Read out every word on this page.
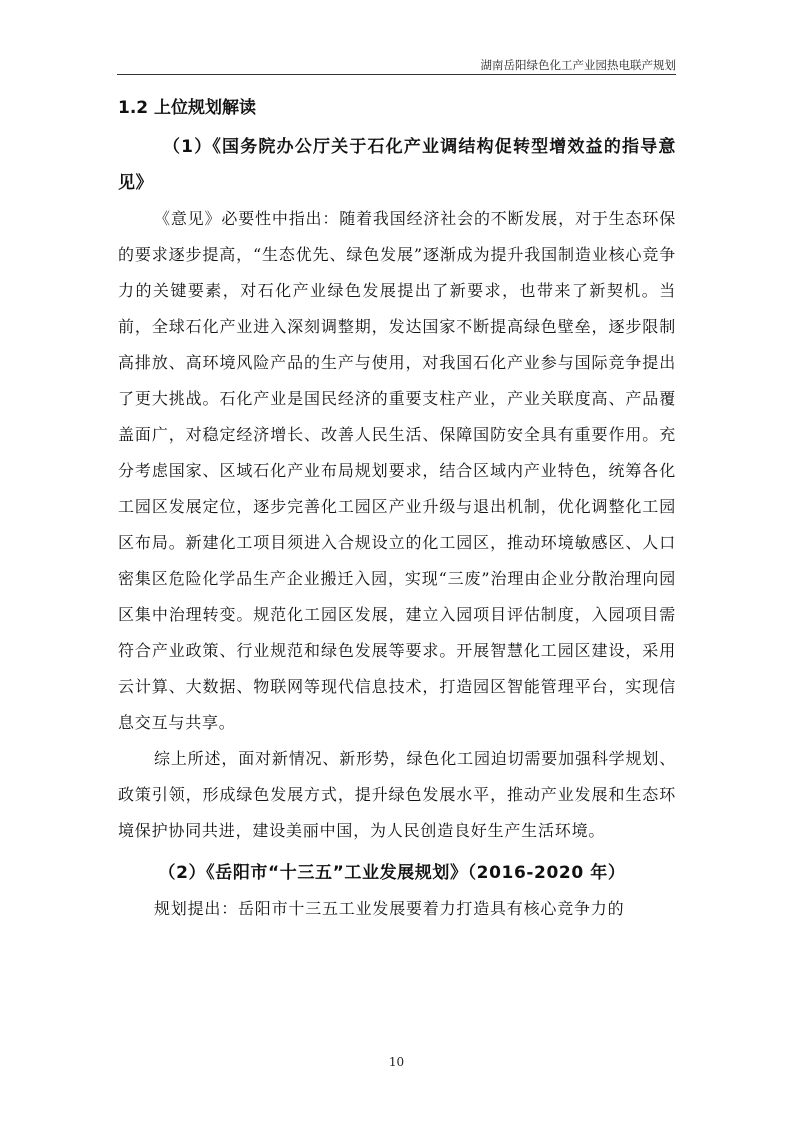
湖南岳阳绿色化工产业园热电联产规划
1.2 上位规划解读
（1）《国务院办公厅关于石化产业调结构促转型增效益的指导意见》

《意见》必要性中指出：随着我国经济社会的不断发展，对于生态环保的要求逐步提高，“生态优先、绿色发展”逐渐成为提升我国制造业核心竞争力的关键要素，对石化产业绿色发展提出了新要求，也带来了新契机。当前，全球石化产业进入深刻调整期，发达国家不断提高绿色壁垒，逐步限制高排放、高环境风险产品的生产与使用，对我国石化产业参与国际竞争提出了更大挑战。石化产业是国民经济的重要支柱产业，产业关联度高、产品覆盖面广，对稳定经济增长、改善人民生活、保障国防安全具有重要作用。充分考虑国家、区域石化产业布局规划要求，结合区域内产业特色，统筹各化工园区发展定位，逐步完善化工园区产业升级与退出机制，优化调整化工园区布局。新建化工项目须进入合规设立的化工园区，推动环境敏感区、人口密集区危险化学品生产企业搬迁入园，实现“三废”治理由企业分散治理向园区集中治理转变。规范化工园区发展，建立入园项目评估制度，入园项目需符合产业政策、行业规范和绿色发展等要求。开展智慧化工园区建设，采用云计算、大数据、物联网等现代信息技术，打造园区智能管理平台，实现信息交互与共享。

综上所述，面对新情况、新形势，绿色化工园迫切需要加强科学规划、政策引领，形成绿色发展方式，提升绿色发展水平，推动产业发展和生态环境保护协同共进，建设美丽中国，为人民创造良好生产生活环境。

（2）《岳阳市“十三五”工业发展规划》（2016-2020 年）

规划提出：岳阳市十三五工业发展要着力打造具有核心竞争力的

10
